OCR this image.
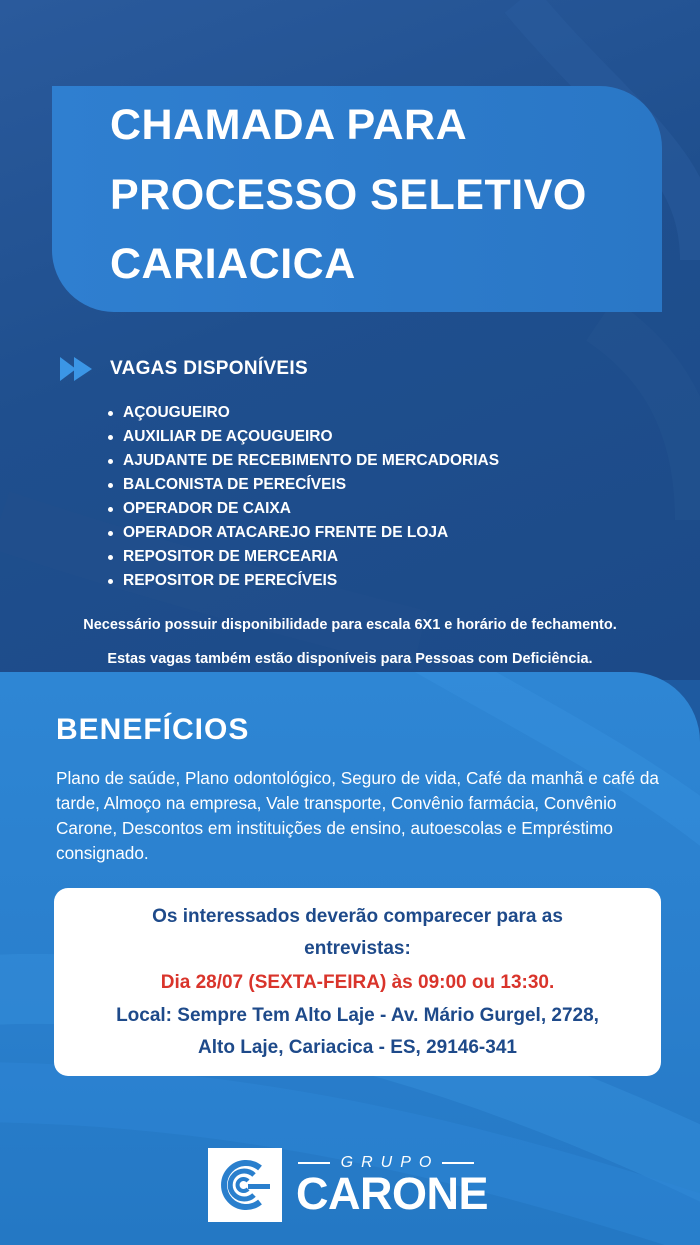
CHAMADA PARA
PROCESSO SELETIVO
CARIACICA
VAGAS DISPONÍVEIS
AÇOUGUEIRO
AUXILIAR DE AÇOUGUEIRO
AJUDANTE DE RECEBIMENTO DE MERCADORIAS
BALCONISTA DE PERECÍVEIS
OPERADOR DE CAIXA
OPERADOR ATACAREJO FRENTE DE LOJA
REPOSITOR DE MERCEARIA
REPOSITOR DE PERECÍVEIS
Necessário possuir disponibilidade para escala 6X1 e horário de fechamento.
Estas vagas também estão disponíveis para Pessoas com Deficiência.
BENEFÍCIOS
Plano de saúde, Plano odontológico, Seguro de vida, Café da manhã e café da tarde, Almoço na empresa, Vale transporte, Convênio farmácia, Convênio Carone, Descontos em instituições de ensino, autoescolas e Empréstimo consignado.
Os interessados deverão comparecer para as
entrevistas:
Dia 28/07 (SEXTA-FEIRA) às 09:00 ou 13:30.
Local: Sempre Tem Alto Laje - Av. Mário Gurgel, 2728,
Alto Laje, Cariacica - ES, 29146-341
GRUPO
CARONE
